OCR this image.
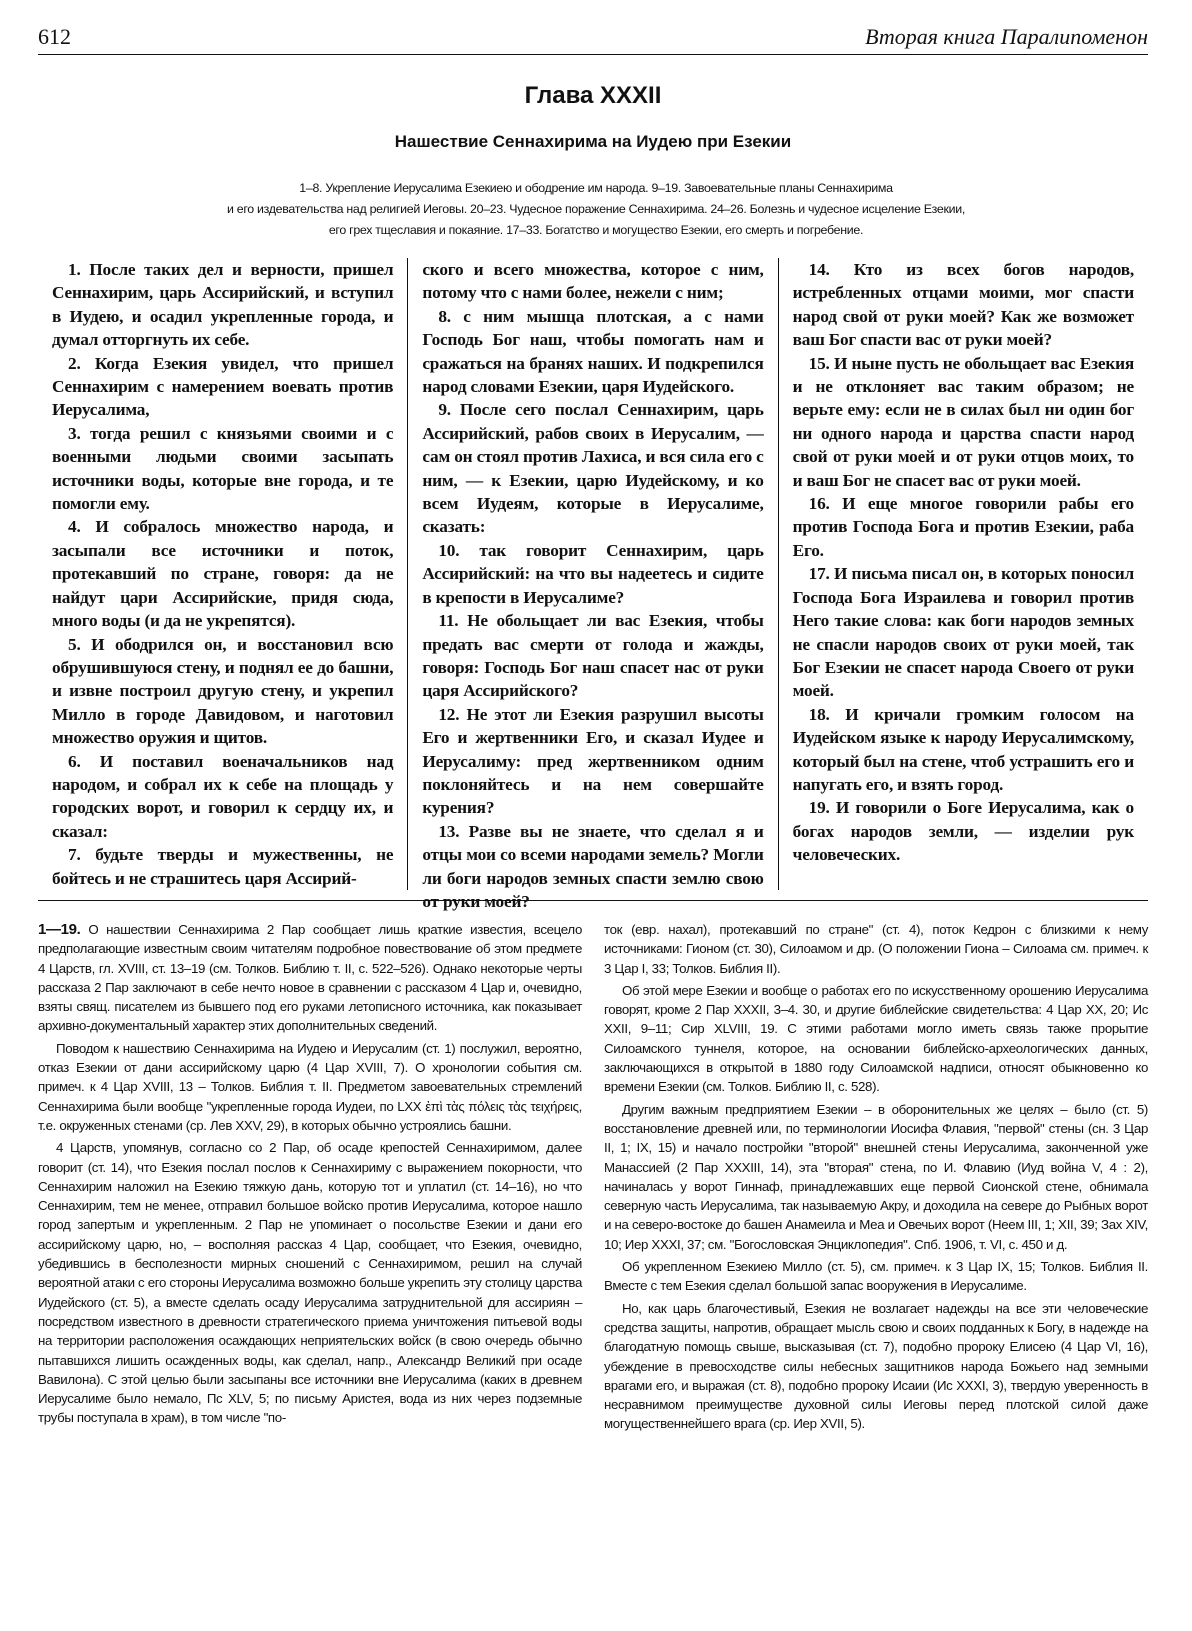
612	Вторая книга Паралипоменон
Глава XXXII
Нашествие Сеннахирима на Иудею при Езекии
1–8. Укрепление Иерусалима Езекиею и ободрение им народа. 9–19. Завоевательные планы Сеннахирима
и его издевательства над религией Иеговы. 20–23. Чудесное поражение Сеннахирима. 24–26. Болезнь и чудесное исцеление Езекии,
его грех тщеславия и покаяние. 17–33. Богатство и могущество Езекии, его смерть и погребение.

1. После таких дел и верности, пришел Сеннахирим, царь Ассирийский, и вступил в Иудею, и осадил укрепленные города, и думал отторгнуть их себе.

2. Когда Езекия увидел, что пришел Сеннахирим с намерением воевать против Иерусалима,

3. тогда решил с князьями своими и с военными людьми своими засыпать источники воды, которые вне города, и те помогли ему.

4. И собралось множество народа, и засыпали все источники и поток, протекавший по стране, говоря: да не найдут цари Ассирийские, придя сюда, много воды (и да не укрепятся).

5. И ободрился он, и восстановил всю обрушившуюся стену, и поднял ее до башни, и извне построил другую стену, и укрепил Милло в городе Давидовом, и наготовил множество оружия и щитов.

6. И поставил военачальников над народом, и собрал их к себе на площадь у городских ворот, и говорил к сердцу их, и сказал:

7. будьте тверды и мужественны, не бойтесь и не страшитесь царя Ассирий-

ского и всего множества, которое с ним, потому что с нами более, нежели с ним;

8. с ним мышца плотская, а с нами Господь Бог наш, чтобы помогать нам и сражаться на бранях наших. И подкрепился народ словами Езекии, царя Иудейского.

9. После сего послал Сеннахирим, царь Ассирийский, рабов своих в Иерусалим, — сам он стоял против Лахиса, и вся сила его с ним, — к Езекии, царю Иудейскому, и ко всем Иудеям, которые в Иерусалиме, сказать:

10. так говорит Сеннахирим, царь Ассирийский: на что вы надеетесь и сидите в крепости в Иерусалиме?

11. Не обольщает ли вас Езекия, чтобы предать вас смерти от голода и жажды, говоря: Господь Бог наш спасет нас от руки царя Ассирийского?

12. Не этот ли Езекия разрушил высоты Его и жертвенники Его, и сказал Иудее и Иерусалиму: пред жертвенником одним поклоняйтесь и на нем совершайте курения?

13. Разве вы не знаете, что сделал я и отцы мои со всеми народами земель? Могли ли боги народов земных спасти землю свою от руки моей?

14. Кто из всех богов народов, истребленных отцами моими, мог спасти народ свой от руки моей? Как же возможет ваш Бог спасти вас от руки моей?

15. И ныне пусть не обольщает вас Езекия и не отклоняет вас таким образом; не верьте ему: если не в силах был ни один бог ни одного народа и царства спасти народ свой от руки моей и от руки отцов моих, то и ваш Бог не спасет вас от руки моей.

16. И еще многое говорили рабы его против Господа Бога и против Езекии, раба Его.

17. И письма писал он, в которых поносил Господа Бога Израилева и говорил против Него такие слова: как боги народов земных не спасли народов своих от руки моей, так Бог Езекии не спасет народа Своего от руки моей.

18. И кричали громким голосом на Иудейском языке к народу Иерусалимскому, который был на стене, чтоб устрашить его и напугать его, и взять город.

19. И говорили о Боге Иерусалима, как о богах народов земли, — изделии рук человеческих.

1—19. О нашествии Сеннахирима 2 Пар сообщает лишь краткие известия, всецело предполагающие известным своим читателям подробное повествование об этом предмете 4 Царств, гл. XVIII, ст. 13–19 (см. Толков. Библию т. II, с. 522–526). Однако некоторые черты рассказа 2 Пар заключают в себе нечто новое в сравнении с рассказом 4 Цар и, очевидно, взяты свящ. писателем из бывшего под его руками летописного источника, как показывает архивно-документальный характер этих дополнительных сведений.

Поводом к нашествию Сеннахирима на Иудею и Иерусалим (ст. 1) послужил, вероятно, отказ Езекии от дани ассирийскому царю (4 Цар XVIII, 7). О хронологии события см. примеч. к 4 Цар XVIII, 13 – Толков. Библия т. II. Предметом завоевательных стремлений Сеннахирима были вообще "укрепленные города Иудеи, по LXX ἐπὶ τὰς πόλεις τὰς τειχήρεις, т.е. окруженных стенами (ср. Лев XXV, 29), в которых обычно устроялись башни.

4 Царств, упомянув, согласно со 2 Пар, об осаде крепостей Сеннахиримом, далее говорит (ст. 14), что Езекия послал послов к Сеннахириму с выражением покорности, что Сеннахирим наложил на Езекию тяжкую дань, которую тот и уплатил (ст. 14–16), но что Сеннахирим, тем не менее, отправил большое войско против Иерусалима, которое нашло город запертым и укрепленным. 2 Пар не упоминает о посольстве Езекии и дани его ассирийскому царю, но, – восполняя рассказ 4 Цар, сообщает, что Езекия, очевидно, убедившись в бесполезности мирных сношений с Сеннахиримом, решил на случай вероятной атаки с его стороны Иерусалима возможно больше укрепить эту столицу царства Иудейского (ст. 5), а вместе сделать осаду Иерусалима затруднительной для ассириян – посредством известного в древности стратегического приема уничтожения питьевой воды на территории расположения осаждающих неприятельских войск (в свою очередь обычно пытавшихся лишить осажденных воды, как сделал, напр., Александр Великий при осаде Вавилона). С этой целью были засыпаны все источники вне Иерусалима (каких в древнем Иерусалиме было немало, Пс XLV, 5; по письму Аристея, вода из них через подземные трубы поступала в храм), в том числе "по-

ток (евр. нахал), протекавший по стране" (ст. 4), поток Кедрон с близкими к нему источниками: Гионом (ст. 30), Силоамом и др. (О положении Гиона – Силоама см. примеч. к 3 Цар I, 33; Толков. Библия II).

Об этой мере Езекии и вообще о работах его по искусственному орошению Иерусалима говорят, кроме 2 Пар XXXII, 3–4. 30, и другие библейские свидетельства: 4 Цар XX, 20; Ис XXII, 9–11; Сир XLVIII, 19. С этими работами могло иметь связь также прорытие Силоамского туннеля, которое, на основании библейско-археологических данных, заключающихся в открытой в 1880 году Силоамской надписи, относят обыкновенно ко времени Езекии (см. Толков. Библию II, с. 528).

Другим важным предприятием Езекии – в оборонительных же целях – было (ст. 5) восстановление древней или, по терминологии Иосифа Флавия, "первой" стены (сн. 3 Цар II, 1; IX, 15) и начало постройки "второй" внешней стены Иерусалима, законченной уже Манассией (2 Пар XXXIII, 14), эта "вторая" стена, по И. Флавию (Иуд война V, 4 : 2), начиналась у ворот Гиннаф, принадлежавших еще первой Сионской стене, обнимала северную часть Иерусалима, так называемую Акру, и доходила на севере до Рыбных ворот и на северо-востоке до башен Анамеила и Меа и Овечьих ворот (Неем III, 1; XII, 39; Зах XIV, 10; Иер XXXI, 37; см. "Богословская Энциклопедия". Спб. 1906, т. VI, с. 450 и д.

Об укрепленном Езекиею Милло (ст. 5), см. примеч. к 3 Цар IX, 15; Толков. Библия II. Вместе с тем Езекия сделал большой запас вооружения в Иерусалиме.

Но, как царь благочестивый, Езекия не возлагает надежды на все эти человеческие средства защиты, напротив, обращает мысль свою и своих подданных к Богу, в надежде на благодатную помощь свыше, высказывая (ст. 7), подобно пророку Елисею (4 Цар VI, 16), убеждение в превосходстве силы небесных защитников народа Божьего над земными врагами его, и выражая (ст. 8), подобно пророку Исаии (Ис XXXI, 3), твердую уверенность в несравнимом преимуществе духовной силы Иеговы перед плотской силой даже могущественнейшего врага (ср. Иер XVII, 5).
